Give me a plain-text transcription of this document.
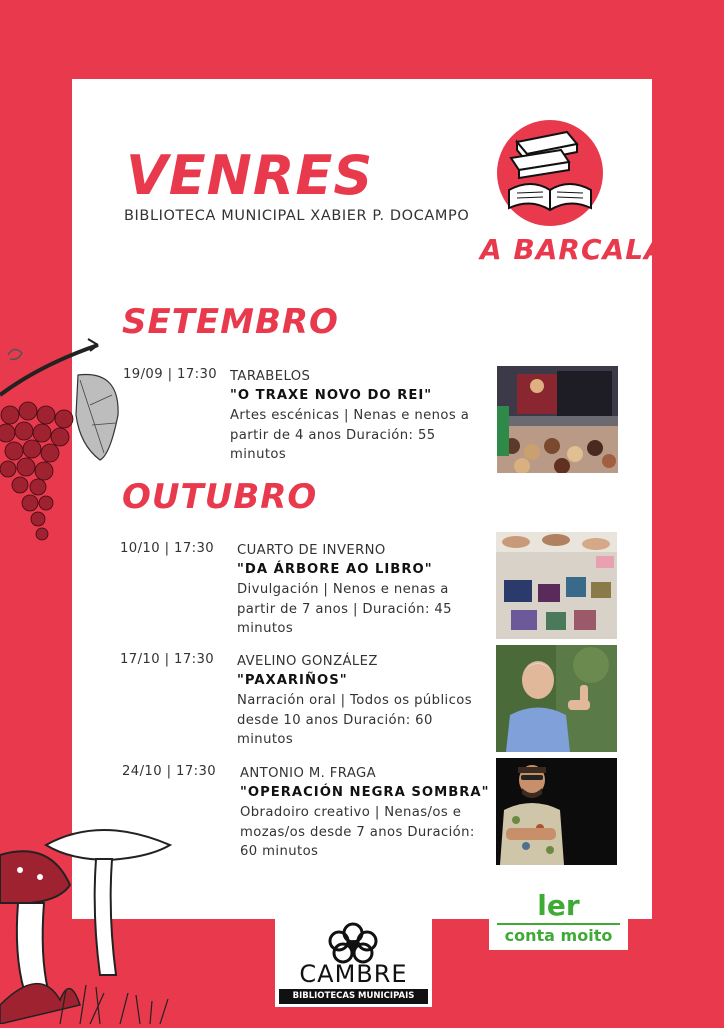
VENRES
BIBLIOTECA MUNICIPAL XABIER P. DOCAMPO
A BARCALA
SETEMBRO
OUTUBRO
19/09 | 17:30 TARABELOS
"O TRAXE NOVO DO REI"
Artes escénicas | Nenas e nenos a partir de 4 anos Duración: 55 minutos
10/10 | 17:30 CUARTO DE INVERNO
"DA ÁRBORE AO LIBRO"
Divulgación | Nenos e nenas a partir de 7 anos | Duración: 45 minutos
17/10 | 17:30 AVELINO GONZÁLEZ
"PAXARIÑOS"
Narración oral | Todos os públicos desde 10 anos Duración: 60 minutos
24/10 | 17:30 ANTONIO M. FRAGA
"OPERACIÓN NEGRA SOMBRA"
Obradoiro creativo | Nenas/os e mozas/os desde 7 anos Duración: 60 minutos
CAMBRE
BIBLIOTECAS MUNICIPAIS
ler
conta moito
